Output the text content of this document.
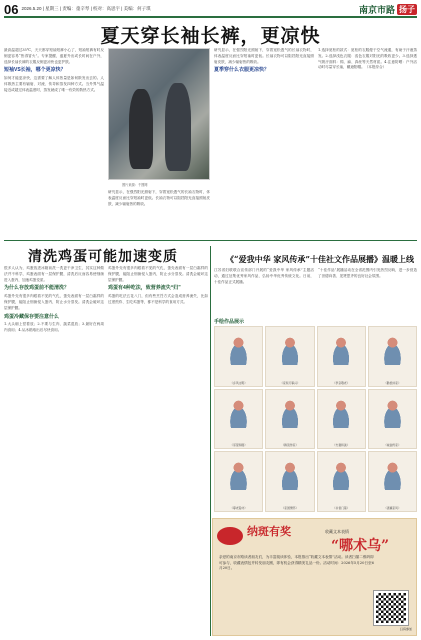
06 2026.5.20 | 星期三 | 责编：童辛琴 | 校对：高思宇 | 美编：何子琪	南京市路 扬子
夏天穿长袖长裤，更凉快

最高温超过35℃，天天都穿短袖短裤小心了，短袖短裤有时反倒更容易“热得冒火”。专家提醒，盛夏外出或长时间在户外，选择长袖长裤的衣服反倒更凉快也更护肤。

短袖VS长袖，哪个更凉快？

如何才能更凉快，这需要了解人体热量是如何散发出去的。人体散热主要有辐射、对流、传导和蒸发四种方式。当外界气温接近或超过体表温度时，蒸发就成了唯一有效的散热方式。

图片来源：千图网

研究显示，在强烈阳光照射下，穿着宽松透气的长袖衣物时，体表温度反而比穿短袖时更低。长袖衣物可以阻挡阳光直接照射皮肤，减少辐射热的吸收。

研究显示，在强烈阳光照射下，穿着宽松透气的长袖衣物时，体表温度反而比穿短袖时更低。长袖衣物可以阻挡阳光直接照射皮肤，减少辐射热的吸收。

夏季穿什么衣服更凉快？

1.选择宽松的款式：宽松的衣服便于空气流通，有助于汗液蒸发。2.选择浅色衣服：浅色衣服对阳光的吸收更少。3.选择透气吸汗面料：棉、麻、真丝等天然材质。4.注意防晒：户外活动时尽量穿长袖，戴遮阳帽。（本报综合）

清洗鸡蛋可能加速变质

很多人认为，鸡蛋放进冰箱前洗一洗更干净卫生，其实这种做法并不科学，鸡蛋表面有一层保护膜，清洗后反而容易使细菌进入蛋内，加速鸡蛋变质。

为什么存放鸡蛋前不能清洗？

鸡蛋外壳有很多肉眼看不见的气孔，蛋壳表面有一层白霜样的保护膜，能阻止细菌侵入蛋内，防止水分蒸发。清洗会破坏这层保护膜。

鸡蛋冷藏保存要注意什么

1.大头朝上竖着放；2.不要与生肉、蔬菜混放；3.最好在两周内食用；4.从冰箱取出后尽快食用。

鸡蛋外壳有很多肉眼看不见的气孔，蛋壳表面有一层白霜样的保护膜，能阻止细菌侵入蛋内，防止水分蒸发。清洗会破坏这层保护膜。

鸡蛋有4种吃法，致营养流失“归”

鸡蛋的吃法五花八门，但有些烹饪方式会造成营养流失，比如过度煎炸、生吃鸡蛋等，都不是科学的食用方式。

《“爱我中华 家风传承”十佳社文作品展播》温暖上线

江苏省妇联联合宣传部门开展的“爱我中华 家风传承”主题活动，通过征集优秀家风作品，弘扬中华优秀传统文化。日前，十佳作品正式展播。

“十佳作品”展播活动在全省范围内引发热烈反响，进一步营造了崇德向善、见贤思齐的良好社会氛围。

手绘作品展示
《乡风文明》	《家和万事兴》	《孝亲敬老》	《勤俭持家》
《邻里和睦》	《耕读传家》	《夫妻和美》	《诚信传家》
《尊老爱幼》	《家国情怀》	《书香门第》	《清廉家风》
纳斑有奖	收藏文本表情
“哪术乌”

亲爱的南京市路读者朋友们，为丰富阅读体验，本报推出“收藏文本表情”活动。读者扫描二维码即可参与，收藏表情包并转发朋友圈，即有机会获得精美礼品一份。活动时间：2026年5月20日至6月20日。

扫码参加
